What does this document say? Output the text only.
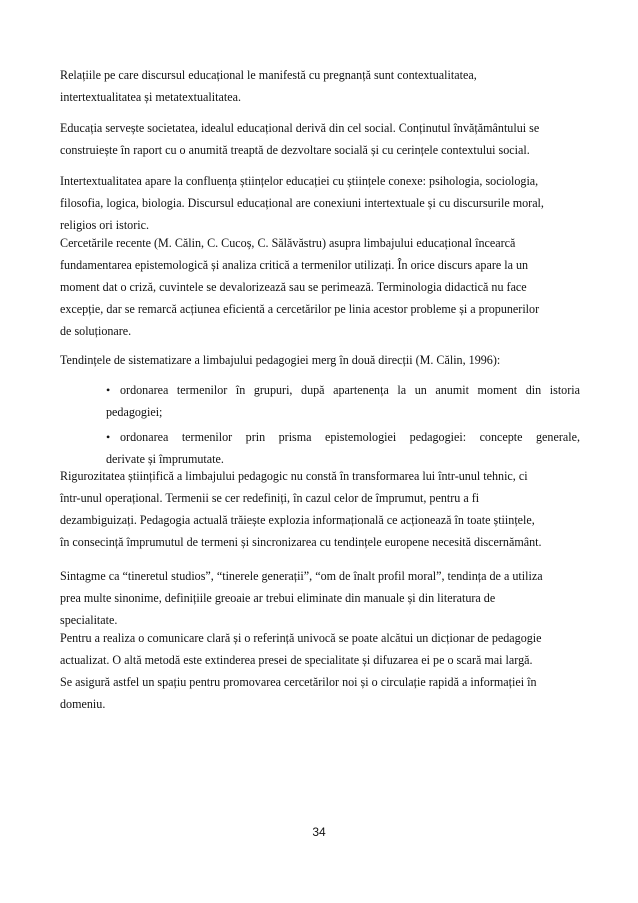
Relațiile pe care discursul educațional le manifestă cu pregnanță sunt contextualitatea,
intertextualitatea și metatextualitatea.
Educația servește societatea, idealul educațional derivă din cel social. Conținutul învățământului se
construiește în raport cu o anumită treaptă de dezvoltare socială și cu cerințele contextului social.
Intertextualitatea apare la confluența științelor educației cu științele conexe: psihologia, sociologia,
filosofia, logica, biologia. Discursul educațional are conexiuni intertextuale și cu discursurile moral,
religios ori istoric.
Cercetările recente (M. Călin, C. Cucoș, C. Sălăvăstru) asupra limbajului educațional încearcă
fundamentarea epistemologică și analiza critică a termenilor utilizați. În orice discurs apare la un
moment dat o criză, cuvintele se devalorizează sau se perimează. Terminologia didactică nu face
excepție, dar se remarcă acțiunea eficientă a cercetărilor pe linia acestor probleme și a propunerilor
de soluționare.
Tendințele de sistematizare a limbajului pedagogiei merg în două direcții (M. Călin, 1996):
• ordonarea termenilor în grupuri, după apartenența la un anumit moment din istoria
pedagogiei;
• ordonarea termenilor prin prisma epistemologiei pedagogiei: concepte generale,
derivate și împrumutate.
Rigurozitatea științifică a limbajului pedagogic nu constă în transformarea lui într-unul tehnic, ci
într-unul operațional. Termenii se cer redefiniți, în cazul celor de împrumut, pentru a fi
dezambiguizați. Pedagogia actuală trăiește explozia informațională ce acționează în toate științele,
în consecință împrumutul de termeni și sincronizarea cu tendințele europene necesită discernământ.
Sintagme ca “tineretul studios”, “tinerele generații”, “om de înalt profil moral”, tendința de a utiliza
prea multe sinonime, definițiile greoaie ar trebui eliminate din manuale și din literatura de
specialitate.
Pentru a realiza o comunicare clară și o referință univocă se poate alcătui un dicționar de pedagogie
actualizat. O altă metodă este extinderea presei de specialitate și difuzarea ei pe o scară mai largă.
Se asigură astfel un spațiu pentru promovarea cercetărilor noi și o circulație rapidă a informației în
domeniu.
34
